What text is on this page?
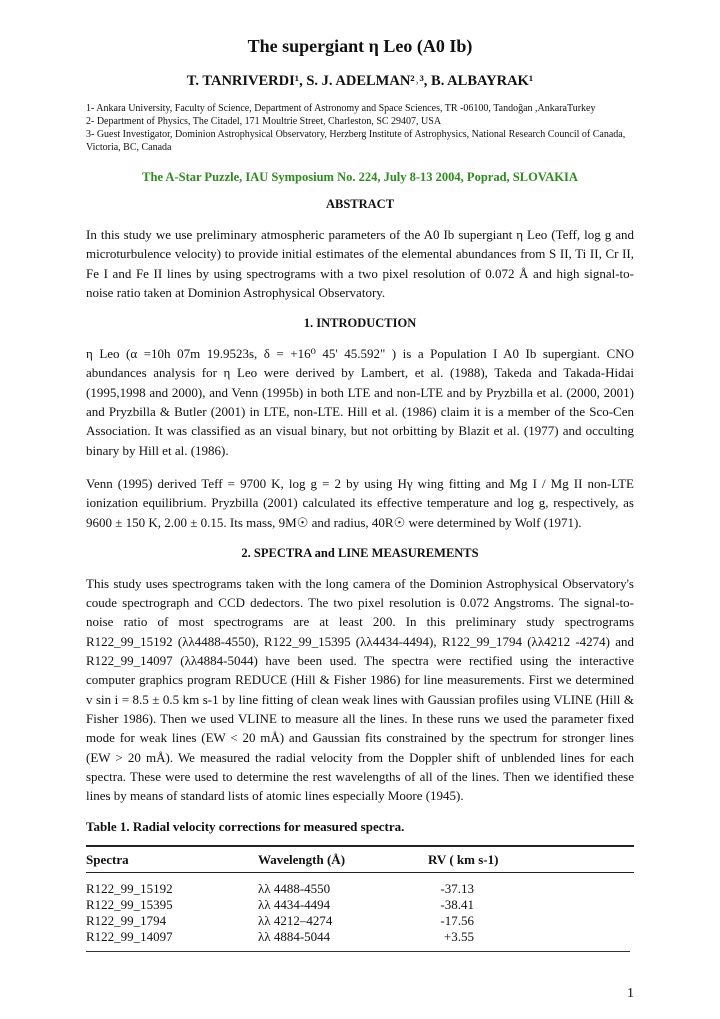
The supergiant η Leo (A0 Ib)
T. TANRIVERDI¹, S. J. ADELMAN²˒³, B. ALBAYRAK¹

1- Ankara University, Faculty of Science, Department of Astronomy and Space Sciences, TR -06100, Tandoğan ,AnkaraTurkey

2- Department of Physics, The Citadel, 171 Moultrie Street, Charleston, SC 29407, USA

3- Guest Investigator, Dominion Astrophysical Observatory, Herzberg Institute of Astrophysics, National Research Council of Canada, Victoria, BC, Canada

The A-Star Puzzle, IAU Symposium No. 224, July 8-13 2004, Poprad, SLOVAKIA
ABSTRACT

In this study we use preliminary atmospheric parameters of the A0 Ib supergiant η Leo (Teff, log g and microturbulence velocity) to provide initial estimates of the elemental abundances from S II, Ti II, Cr II, Fe I and Fe II lines by using spectrograms with a two pixel resolution of 0.072 Å and high signal-to-noise ratio taken at Dominion Astrophysical Observatory.

1. INTRODUCTION

η Leo (α =10h 07m 19.9523s, δ = +16⁰ 45' 45.592" ) is a Population I A0 Ib supergiant. CNO abundances analysis for η Leo were derived by Lambert, et al. (1988), Takeda and Takada-Hidai (1995,1998 and 2000), and Venn (1995b) in both LTE and non-LTE and by Pryzbilla et al. (2000, 2001) and Pryzbilla & Butler (2001) in LTE, non-LTE. Hill et al. (1986) claim it is a member of the Sco-Cen Association. It was classified as an visual binary, but not orbitting by Blazit et al. (1977) and occulting binary by Hill et al. (1986).

Venn (1995) derived Teff = 9700 K, log g = 2 by using Hγ wing fitting and Mg I / Mg II non-LTE ionization equilibrium. Pryzbilla (2001) calculated its effective temperature and log g, respectively, as 9600 ± 150 K, 2.00 ± 0.15. Its mass, 9M☉ and radius, 40R☉ were determined by Wolf (1971).

2. SPECTRA and LINE MEASUREMENTS

This study uses spectrograms taken with the long camera of the Dominion Astrophysical Observatory's coude spectrograph and CCD dedectors. The two pixel resolution is 0.072 Angstroms. The signal-to-noise ratio of most spectrograms are at least 200. In this preliminary study spectrograms R122_99_15192 (λλ4488-4550), R122_99_15395 (λλ4434-4494), R122_99_1794 (λλ4212 -4274) and R122_99_14097 (λλ4884-5044) have been used. The spectra were rectified using the interactive computer graphics program REDUCE (Hill & Fisher 1986) for line measurements. First we determined v sin i = 8.5 ± 0.5 km s-1 by line fitting of clean weak lines with Gaussian profiles using VLINE (Hill & Fisher 1986). Then we used VLINE to measure all the lines. In these runs we used the parameter fixed mode for weak lines (EW < 20 mÅ) and Gaussian fits constrained by the spectrum for stronger lines (EW > 20 mÅ). We measured the radial velocity from the Doppler shift of unblended lines for each spectra. These were used to determine the rest wavelengths of all of the lines. Then we identified these lines by means of standard lists of atomic lines especially Moore (1945).

Table 1. Radial velocity corrections for measured spectra.
Spectra	Wavelength (Å)	RV ( km s-1)
R122_99_15192	λλ 4488-4550	-37.13
R122_99_15395	λλ 4434-4494	-38.41
R122_99_1794	λλ 4212–4274	-17.56
R122_99_14097	λλ 4884-5044	+3.55
1
